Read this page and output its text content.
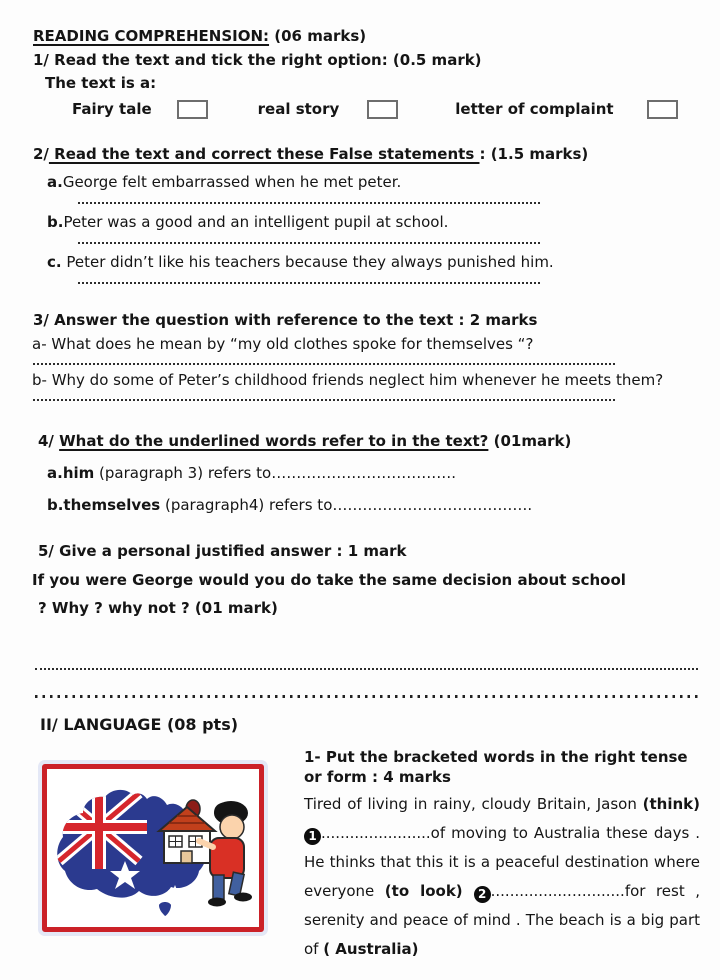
READING COMPREHENSION: (06 marks)
1/ Read the text and tick the right option: (0.5 mark)
The text is a:
Fairy tale	real story	letter of complaint
2/ Read the text and correct these False statements : (1.5 marks)
a.George felt embarrassed when he met peter.
b.Peter was a good and an intelligent pupil at school.
c. Peter didn’t like his teachers because they always punished him.
3/ Answer the question with reference to the text : 2 marks
a- What does he mean by “my old clothes spoke for themselves “?
b- Why do some of Peter’s childhood friends neglect him whenever he meets them?
4/ What do the underlined words refer to in the text? (01mark)
a.him (paragraph 3) refers to……………………………….
b.themselves (paragraph4) refers to………………………………….
5/ Give a personal justified answer : 1 mark
If you were George would you do take the same decision about school
? Why ? why not ? (01 mark)
II/ LANGUAGE (08 pts)
1- Put the bracketed words in the right tense
or form : 4 marks
Tired of living in rainy, cloudy Britain, Jason (think) 1 .......................of moving to Australia these days . He thinks that this it is a peaceful destination where everyone (to look) 2 ................….........for rest , serenity and peace of mind . The beach is a big part of ( Australia)
